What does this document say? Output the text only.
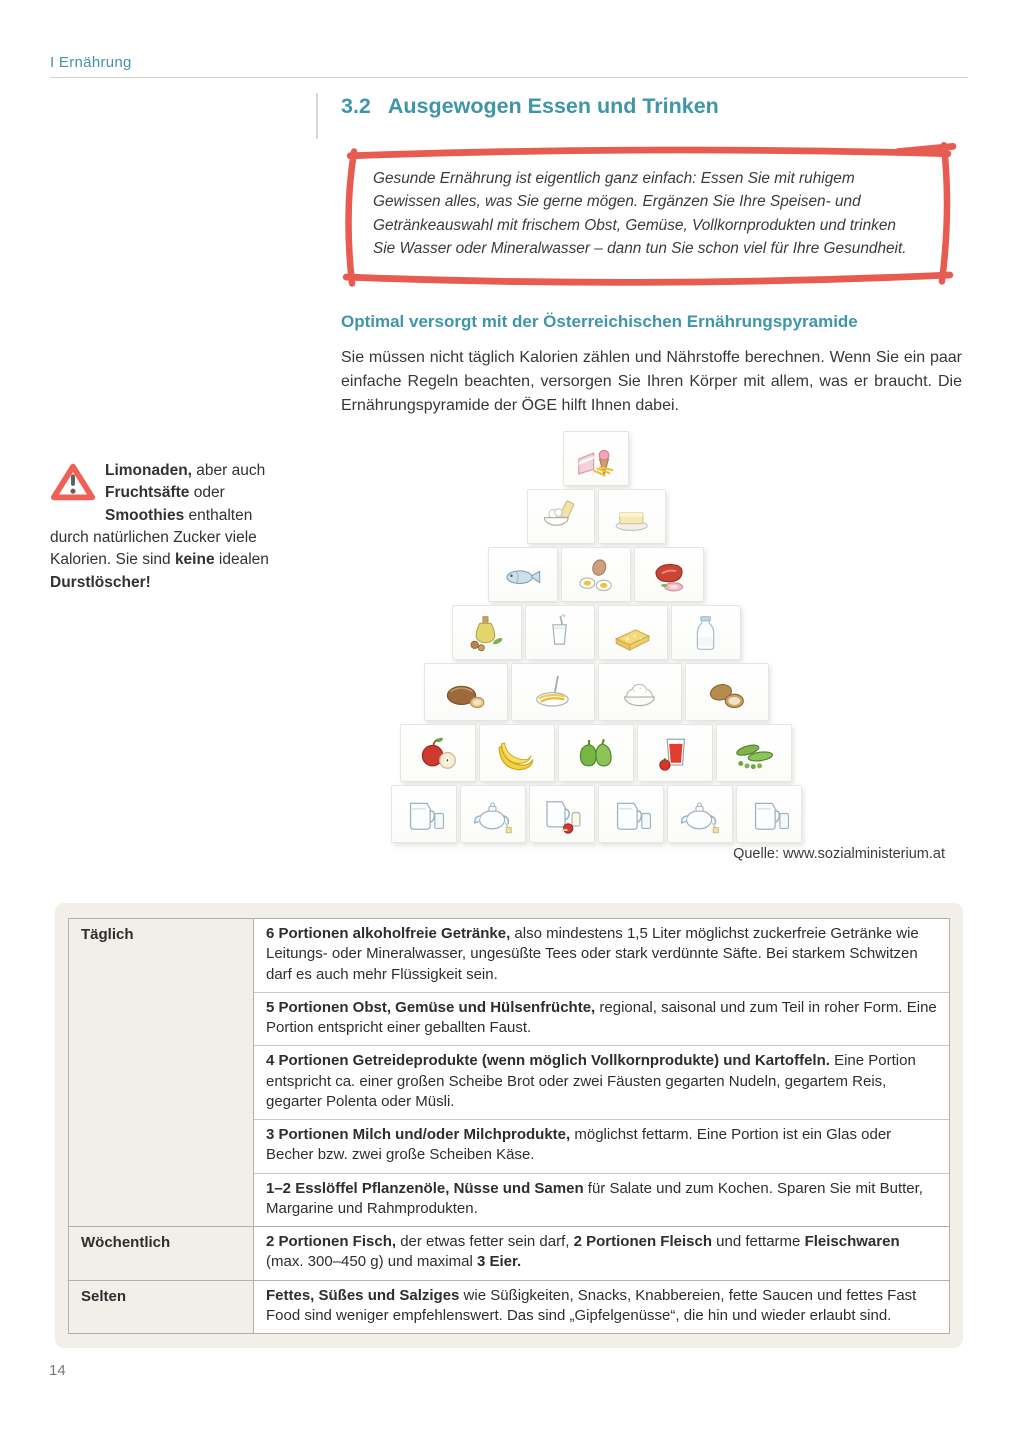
I Ernährung
3.2 Ausgewogen Essen und Trinken
Gesunde Ernährung ist eigentlich ganz einfach: Essen Sie mit ruhigem Gewissen alles, was Sie gerne mögen. Ergänzen Sie Ihre Speisen- und Getränkeauswahl mit frischem Obst, Gemüse, Vollkornprodukten und trinken Sie Wasser oder Mineralwasser – dann tun Sie schon viel für Ihre Gesundheit.
Optimal versorgt mit der Österreichischen Ernährungspyramide

Sie müssen nicht täglich Kalorien zählen und Nährstoffe berechnen. Wenn Sie ein paar einfache Regeln beachten, versorgen Sie Ihren Körper mit allem, was er braucht. Die Ernährungspyramide der ÖGE hilft Ihnen dabei.

Limonaden, aber auch Fruchtsäfte oder Smoothies enthalten durch natürlichen Zucker viele Kalorien. Sie sind keine idealen Durstlöscher!
Quelle: www.sozialministerium.at
Täglich	6 Portionen alkoholfreie Getränke, also mindestens 1,5 Liter möglichst zuckerfreie Getränke wie Leitungs- oder Mineralwasser, ungesüßte Tees oder stark verdünnte Säfte. Bei starkem Schwitzen darf es auch mehr Flüssigkeit sein.
5 Portionen Obst, Gemüse und Hülsenfrüchte, regional, saisonal und zum Teil in roher Form. Eine Portion entspricht einer geballten Faust.
4 Portionen Getreideprodukte (wenn möglich Vollkornprodukte) und Kartoffeln. Eine Portion entspricht ca. einer großen Scheibe Brot oder zwei Fäusten gegarten Nudeln, gegartem Reis, gegarter Polenta oder Müsli.
3 Portionen Milch und/oder Milchprodukte, möglichst fettarm. Eine Portion ist ein Glas oder Becher bzw. zwei große Scheiben Käse.
1–2 Esslöffel Pflanzenöle, Nüsse und Samen für Salate und zum Kochen. Sparen Sie mit Butter, Margarine und Rahmprodukten.
Wöchentlich	2 Portionen Fisch, der etwas fetter sein darf, 2 Portionen Fleisch und fettarme Fleischwaren (max. 300–450 g) und maximal 3 Eier.
Selten	Fettes, Süßes und Salziges wie Süßigkeiten, Snacks, Knabbereien, fette Saucen und fettes Fast Food sind weniger empfehlenswert. Das sind „Gipfelgenüsse“, die hin und wieder erlaubt sind.
14
